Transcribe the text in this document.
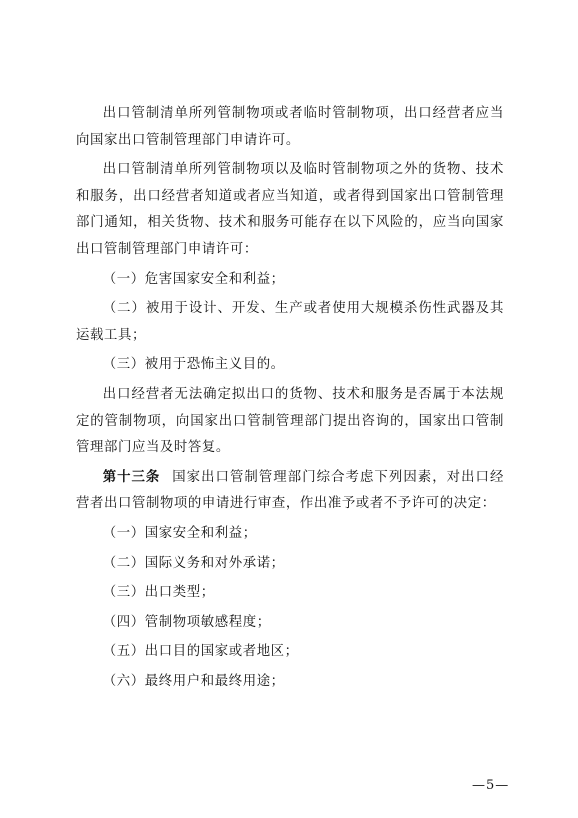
出口管制清单所列管制物项或者临时管制物项，出口经营者应当向国家出口管制管理部门申请许可。

出口管制清单所列管制物项以及临时管制物项之外的货物、技术和服务，出口经营者知道或者应当知道，或者得到国家出口管制管理部门通知，相关货物、技术和服务可能存在以下风险的，应当向国家出口管制管理部门申请许可：

（一）危害国家安全和利益；

（二）被用于设计、开发、生产或者使用大规模杀伤性武器及其运载工具；

（三）被用于恐怖主义目的。

出口经营者无法确定拟出口的货物、技术和服务是否属于本法规定的管制物项，向国家出口管制管理部门提出咨询的，国家出口管制管理部门应当及时答复。

第十三条 国家出口管制管理部门综合考虑下列因素，对出口经营者出口管制物项的申请进行审查，作出准予或者不予许可的决定：

（一）国家安全和利益；

（二）国际义务和对外承诺；

（三）出口类型；

（四）管制物项敏感程度；

（五）出口目的国家或者地区；

（六）最终用户和最终用途；

—5—
